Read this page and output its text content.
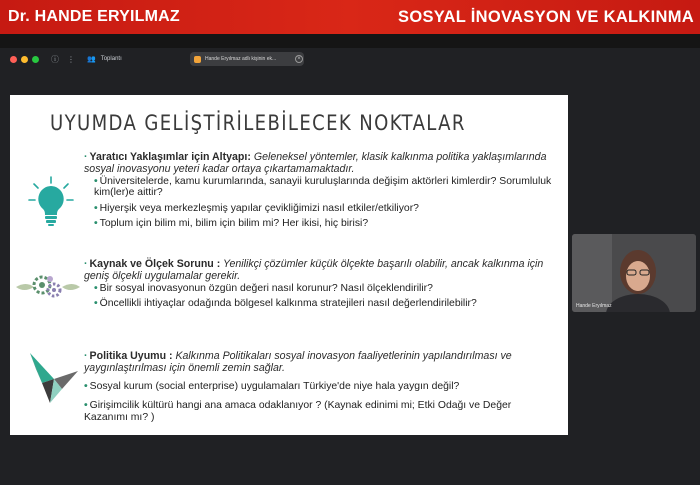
Dr. HANDE ERYILMAZ	SOSYAL İNOVASYON VE KALKINMA
ⓘ ⋮ 👥 Toplantı	Hande Eryılmaz adlı kişinin ek...	×
UYUMDA GELİŞTİRİLEBİLECEK NOKTALAR
· Yaratıcı Yaklaşımlar için Altyapı: Geleneksel yöntemler, klasik kalkınma politika yaklaşımlarında sosyal inovasyonu yeteri kadar ortaya çıkartamamaktadır.
• Üniversitelerde, kamu kurumlarında, sanayii kuruluşlarında değişim aktörleri kimlerdir? Sorumluluk kim(ler)e aittir?
• Hiyerşik veya merkezleşmiş yapılar çevikliğimizi nasıl etkiler/etkiliyor?
• Toplum için bilim mi, bilim için bilim mi? Her ikisi, hiç birisi?
· Kaynak ve Ölçek Sorunu : Yenilikçi çözümler küçük ölçekte başarılı olabilir, ancak kalkınma için geniş ölçekli uygulamalar gerekir.
• Bir sosyal inovasyonun özgün değeri nasıl korunur? Nasıl ölçeklendirilir?
• Öncellikli ihtiyaçlar odağında bölgesel kalkınma stratejileri nasıl değerlendirilebilir?
· Politika Uyumu : Kalkınma Politikaları sosyal inovasyon faaliyetlerinin yapılandırılması ve yaygınlaştırılması için önemli zemin sağlar.
• Sosyal kurum (social enterprise) uygulamaları Türkiye'de niye hala yaygın değil?
• Girişimcilik kültürü hangi ana amaca odaklanıyor ? (Kaynak edinimi mi; Etki Odağı ve Değer Kazanımı mı? )
Hande Eryılmaz
